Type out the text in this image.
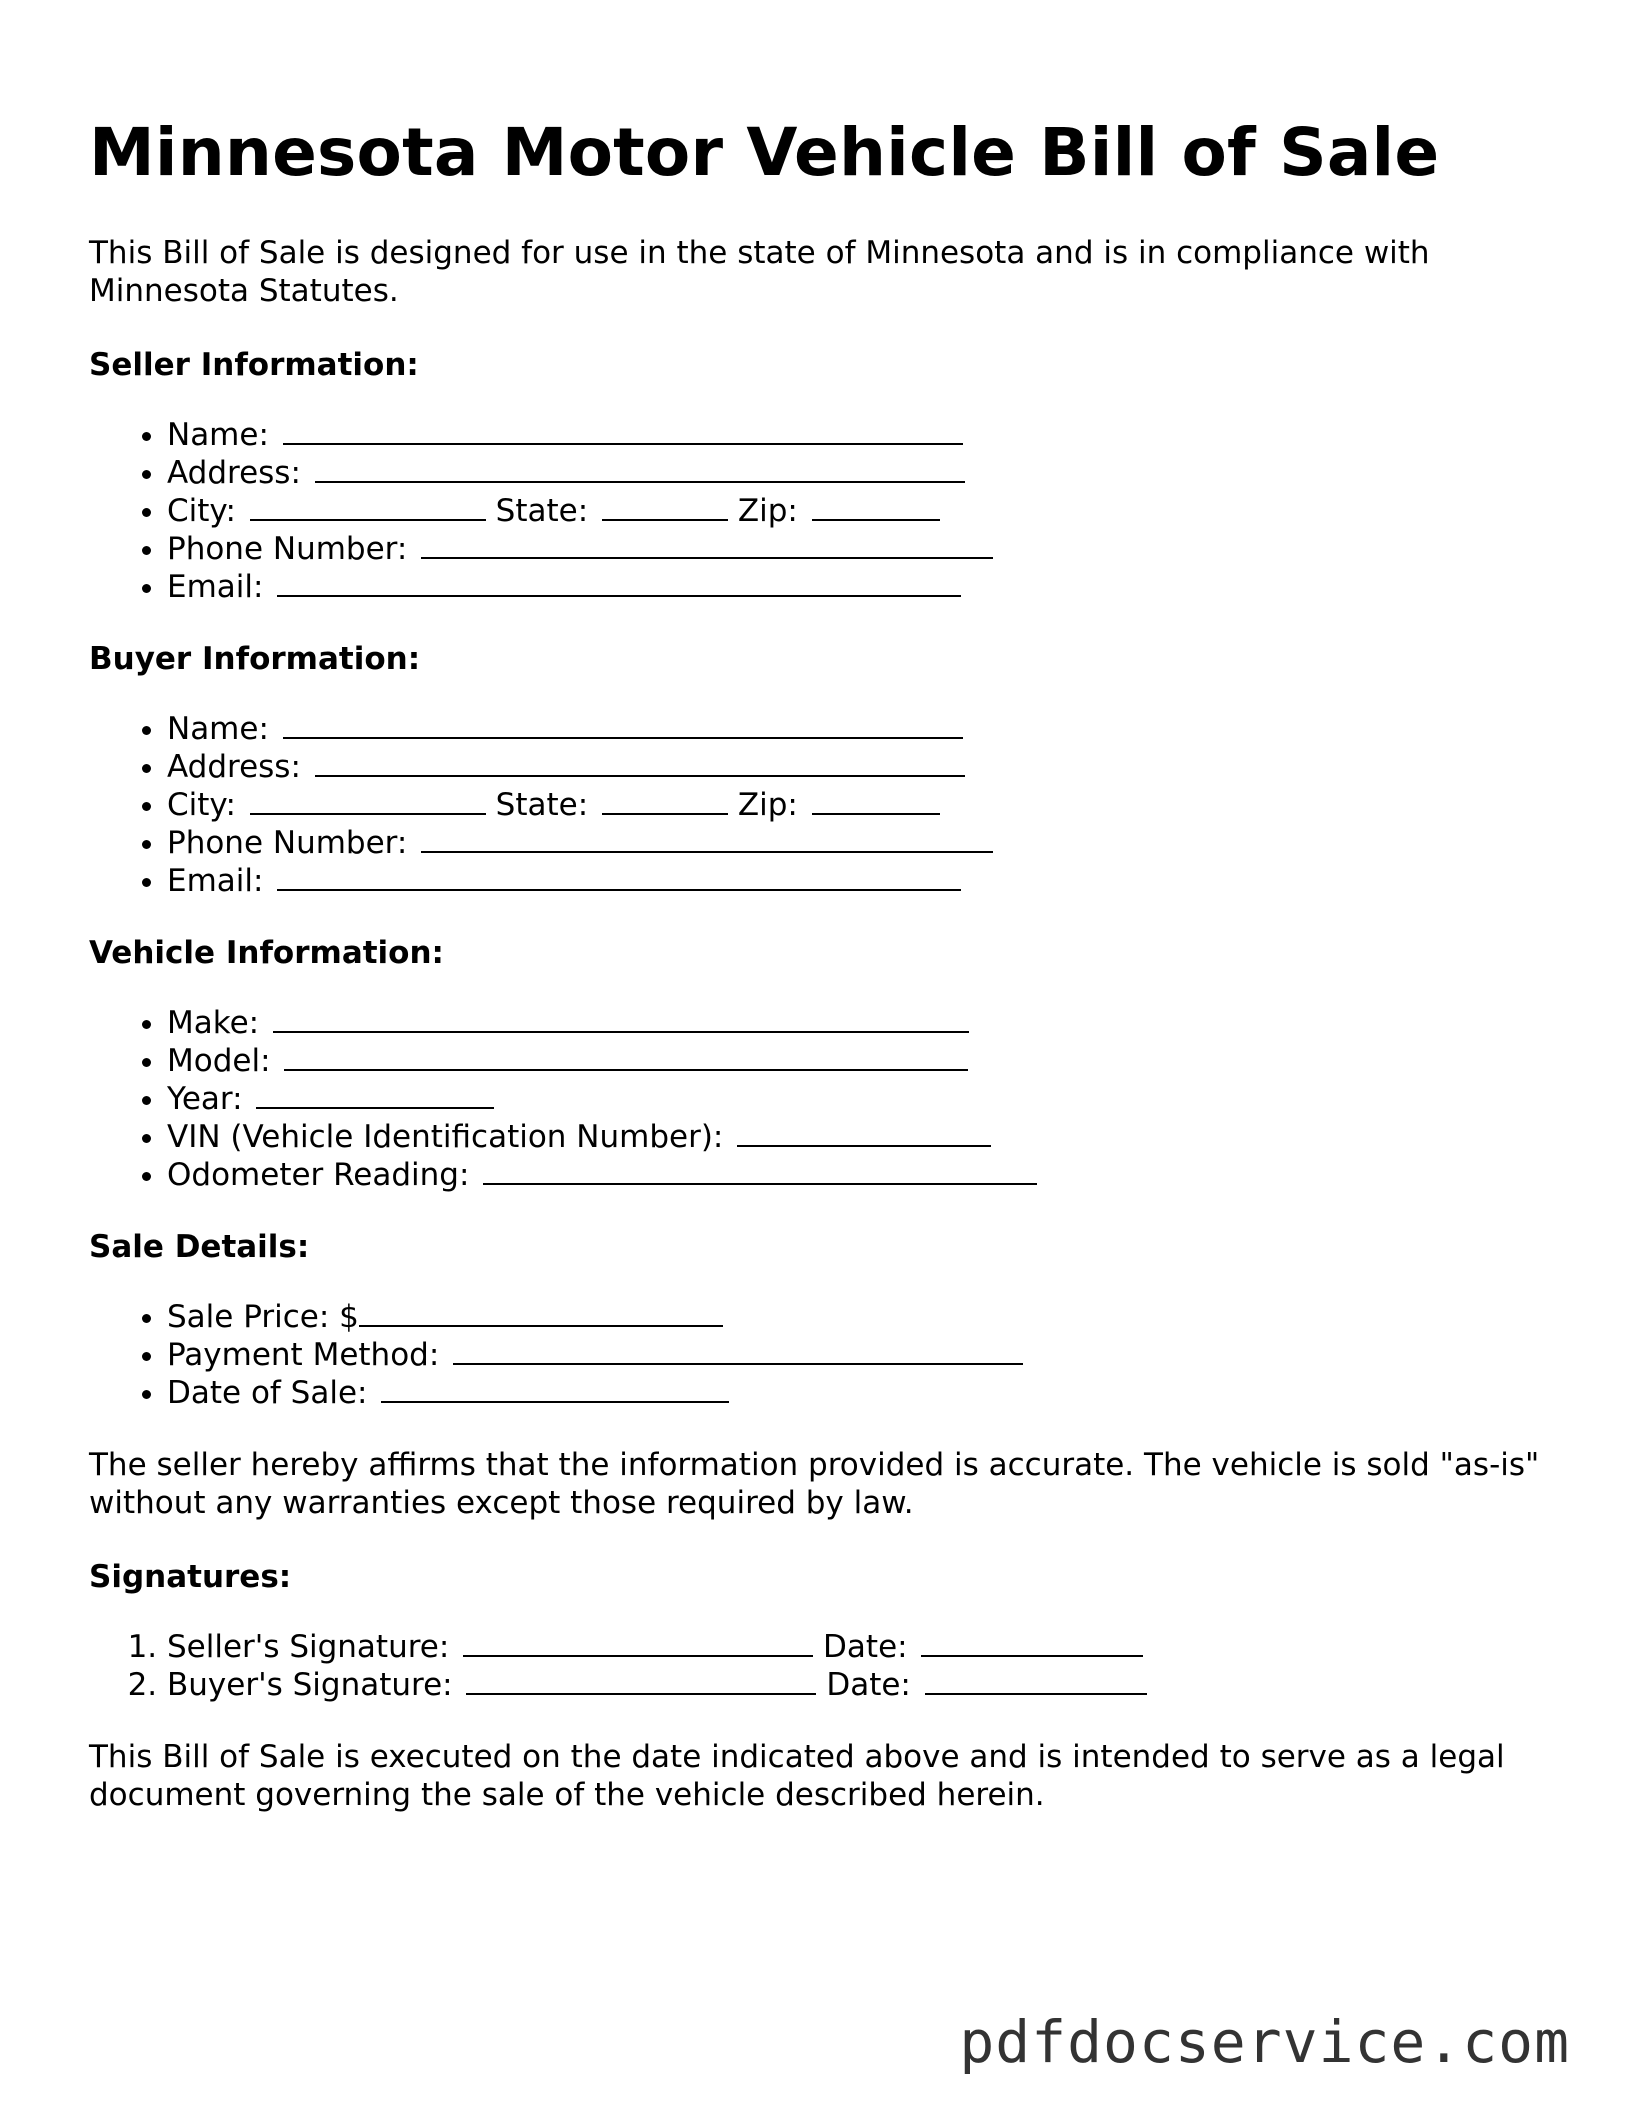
Minnesota Motor Vehicle Bill of Sale

This Bill of Sale is designed for use in the state of Minnesota and is in compliance with Minnesota Statutes.

Seller Information:
• Name:
• Address:
• City:	State:	Zip:
• Phone Number:
• Email:
Buyer Information:
• Name:
• Address:
• City:	State:	Zip:
• Phone Number:
• Email:
Vehicle Information:
• Make:
• Model:
• Year:
• VIN (Vehicle Identification Number):
• Odometer Reading:
Sale Details:
• Sale Price: $
• Payment Method:
• Date of Sale:

The seller hereby affirms that the information provided is accurate. The vehicle is sold "as-is" without any warranties except those required by law.

Signatures:
1. Seller's Signature:	Date:
2. Buyer's Signature:	Date:

This Bill of Sale is executed on the date indicated above and is intended to serve as a legal document governing the sale of the vehicle described herein.

pdfdocservice.com
